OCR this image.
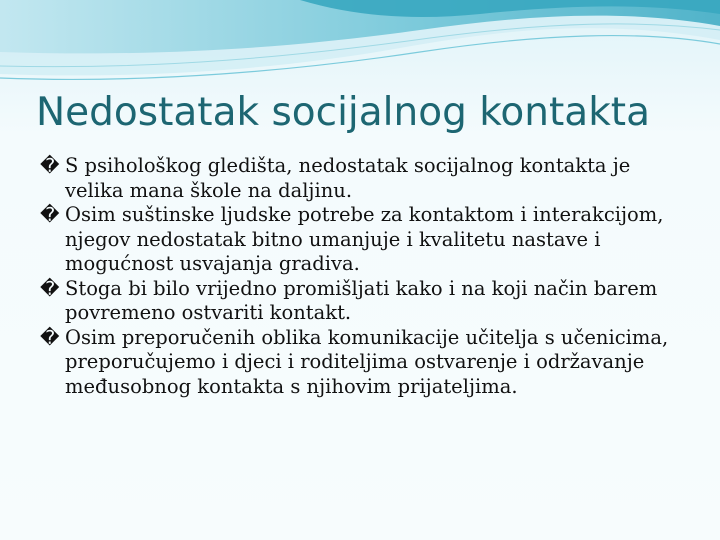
Nedostatak socijalnog kontakta
� S psihološkog gledišta, nedostatak socijalnog kontakta je velika mana škole na daljinu.
� Osim suštinske ljudske potrebe za kontaktom i interakcijom, njegov nedostatak bitno umanjuje i kvalitetu nastave i mogućnost usvajanja gradiva.
� Stoga bi bilo vrijedno promišljati kako i na koji način barem povremeno ostvariti kontakt.
� Osim preporučenih oblika komunikacije učitelja s učenicima, preporučujemo i djeci i roditeljima ostvarenje i održavanje međusobnog kontakta s njihovim prijateljima.
